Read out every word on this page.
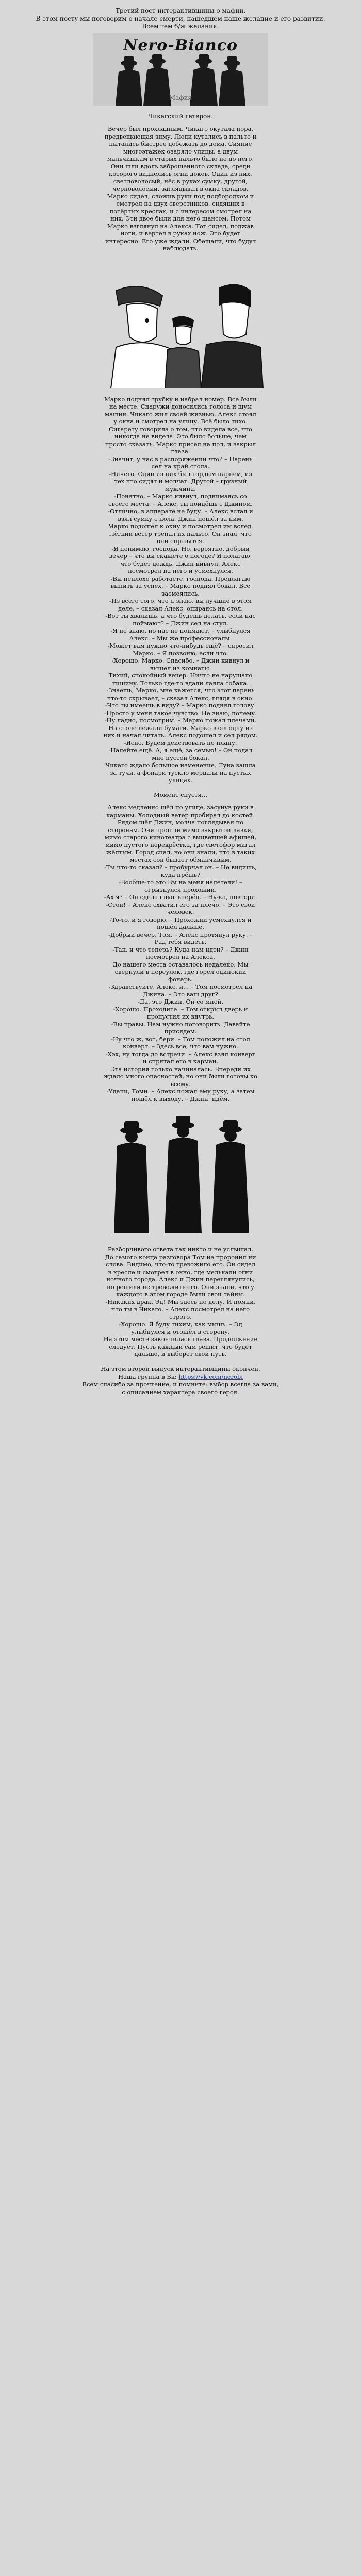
Третий пост интерактивщины о мафии.

В этом посту мы поговорим о начале смерти, нашедшем наше желание и его развитии.

Всем тем б/ж желания.

Nero-Bianco
Мафия
Чикагский гетерон.

Вечер был прохладным. Чикаго окутала пора, предвещающая зиму. Люди кутались в пальто и пытались быстрее добежать до дома. Сияние многоэтажек озаряло улицы, а двум мальчишкам в старых пальто было не до него. Они шли вдоль заброшенного склада, среди которого виднелись огни доков. Один из них, светловолосый, нёс в руках сумку, другой, черноволосый, заглядывал в окна складов.

Марко сидел, сложив руки под подбородком и смотрел на двух сверстников, сидящих в потёртых креслах, и с интересом смотрел на них. Эти двое были для него шансом. Потом Марко взглянул на Алекса. Тот сидел, поджав ноги, и вертел в руках нож. Это будет интересно. Его уже ждали. Обещали, что будут наблюдать.

Марко поднял трубку и набрал номер. Все были на месте. Снаружи доносились голоса и шум машин. Чикаго жил своей жизнью. Алекс стоял у окна и смотрел на улицу. Всё было тихо.

Сигарету говорила о том, что видела все, что никогда не видела. Это было больше, чем просто сказать. Марко присел на пол, и закрыл глаза.

-Значит, у нас в распоряжении что? – Парень сел на край стола.

-Ничего. Один из них был гордым парнем, из тех что сидят и молчат. Другой – грузный мужчина.

-Понятно, – Марко кивнул, поднимаясь со своего места. – Алекс, ты пойдёшь с Джином.

-Отлично, в аппарате не буду. – Алекс встал и взял сумку с пола. Джин пошёл за ним.

Марко подошёл к окну и посмотрел им вслед. Лёгкий ветер трепал их пальто. Он знал, что они справятся.

-Я понимаю, господа. Но, вероятно, добрый вечер – что вы скажете о погоде? Я полагаю, что будет дождь. Джин кивнул. Алекс посмотрел на него и усмехнулся.

-Вы неплохо работаете, господа. Предлагаю выпить за успех. – Марко поднял бокал. Все засмеялись.

-Из всего того, что я знаю, вы лучшие в этом деле, – сказал Алекс, опираясь на стол.

-Вот ты хвалишь, а что будешь делать, если нас поймают? – Джин сел на стул.

-Я не знаю, но нас не поймают, – улыбнулся Алекс. – Мы же профессионалы.

-Может вам нужно что-нибудь ещё? – спросил Марко. – Я позвоню, если что.

-Хорошо, Марко. Спасибо. – Джин кивнул и вышел из комнаты.

Тихий, спокойный вечер. Ничто не нарушало тишину. Только где-то вдали лаяла собака.

-Знаешь, Марко, мне кажется, что этот парень что-то скрывает, – сказал Алекс, глядя в окно.

-Что ты имеешь в виду? – Марко поднял голову.

-Просто у меня такое чувство. Не знаю, почему.

-Ну ладно, посмотрим. – Марко пожал плечами.

На столе лежали бумаги. Марко взял одну из них и начал читать. Алекс подошёл и сел рядом.

-Ясно. Будем действовать по плану.

-Налейте ещё. А, я ещё, за семью! – Он подал мне пустой бокал.

Чикаго ждало большое изменение. Луна зашла за тучи, а фонари тускло мерцали на пустых улицах.

Момент спустя...

Алекс медленно шёл по улице, засунув руки в карманы. Холодный ветер пробирал до костей. Рядом шёл Джин, молча поглядывая по сторонам. Они прошли мимо закрытой лавки, мимо старого кинотеатра с выцветшей афишей, мимо пустого перекрёстка, где светофор мигал жёлтым. Город спал, но они знали, что в таких местах сон бывает обманчивым.

-Ты что-то сказал? – пробурчал он. – Не видишь, куда прёшь?

-Вообще-то это Вы на меня налетели! – огрызнулся прохожий.

-Ах я? – Он сделал шаг вперёд. – Ну-ка, повтори.

-Стой! – Алекс схватил его за плечо. – Это свой человек.

-То-то, и я говорю. – Прохожий усмехнулся и пошёл дальше.

-Добрый вечер, Том. – Алекс протянул руку. – Рад тебя видеть.

-Так, и что теперь? Куда нам идти? – Джин посмотрел на Алекса.

До нашего места оставалось недалеко. Мы свернули в переулок, где горел одинокий фонарь.

-Здравствуйте, Алекс, и... – Том посмотрел на Джина. – Это ваш друг?

-Да, это Джин. Он со мной.

-Хорошо. Проходите. – Том открыл дверь и пропустил их внутрь.

-Вы правы. Нам нужно поговорить. Давайте присядем.

-Ну что ж, вот, бери. – Том положил на стол конверт. – Здесь всё, что вам нужно.

-Хэх, ну тогда до встречи. – Алекс взял конверт и спрятал его в карман.

Эта история только начиналась. Впереди их ждало много опасностей, но они были готовы ко всему.

-Удачи, Томи. – Алекс пожал ему руку, а затем пошёл к выходу. – Джин, идём.

Разборчивого ответа так никто и не услышал. До самого конца разговора Том не проронил ни слова. Видимо, что-то тревожило его. Он сидел в кресле и смотрел в окно, где мелькали огни ночного города. Алекс и Джин переглянулись, но решили не тревожить его. Они знали, что у каждого в этом городе были свои тайны.

-Никаких драк, Эд! Мы здесь по делу. И помни, что ты в Чикаго. – Алекс посмотрел на него строго.

-Хорошо. Я буду тихим, как мышь. – Эд улыбнулся и отошёл в сторону.

На этом месте закончилась глава. Продолжение следует. Пусть каждый сам решит, что будет дальше, и выберет свой путь.

На этом второй выпуск интерактивщины окончен.
Наша группа в Вк: https://vk.com/nerobi
Всем спасибо за прочтение, и помните: выбор всегда за вами,
с описанием характера своего героя.
